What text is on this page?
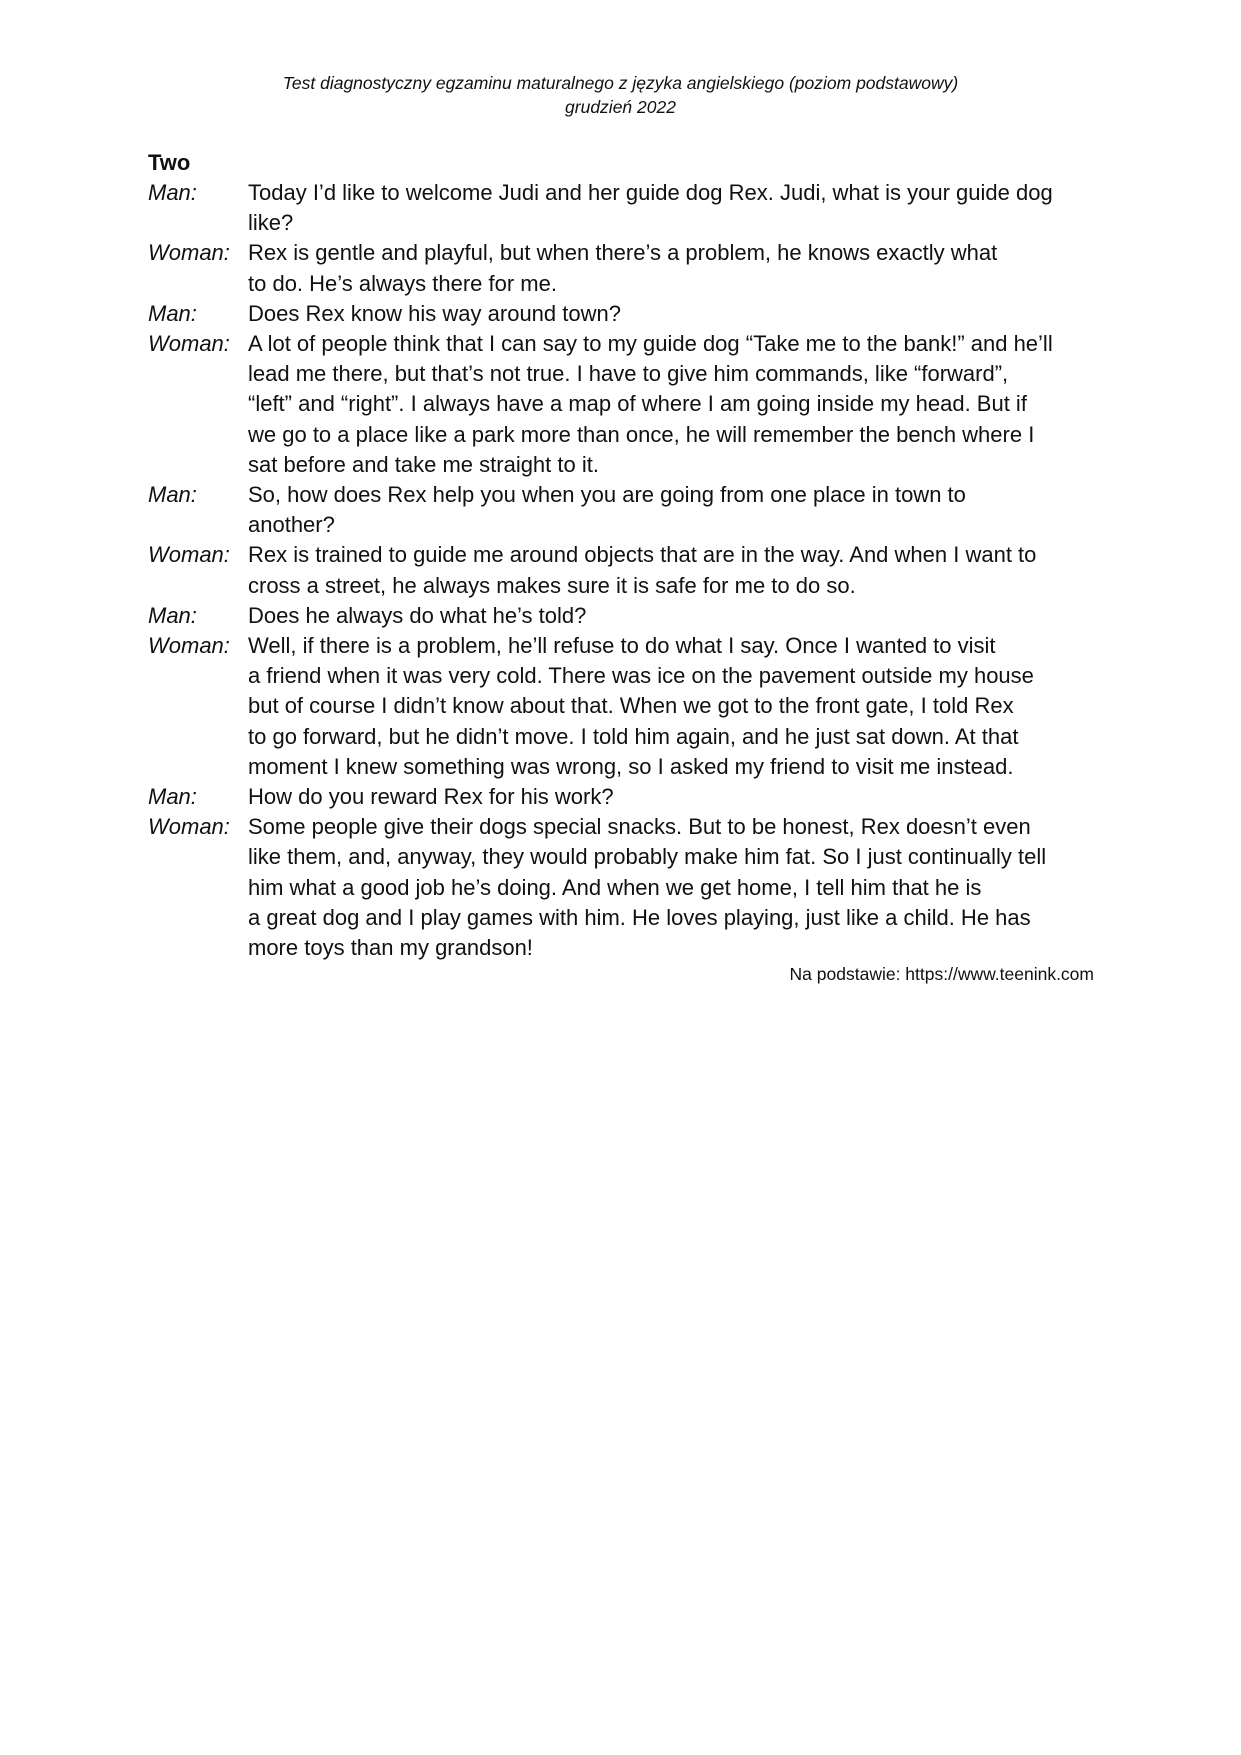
Test diagnostyczny egzaminu maturalnego z języka angielskiego (poziom podstawowy)
grudzień 2022
Two
Man:	Today I’d like to welcome Judi and her guide dog Rex. Judi, what is your guide dog
like?
Woman: Rex is gentle and playful, but when there’s a problem, he knows exactly what
to do. He’s always there for me.
Man:	Does Rex know his way around town?
Woman: A lot of people think that I can say to my guide dog “Take me to the bank!” and he’ll
lead me there, but that’s not true. I have to give him commands, like “forward”,
“left” and “right”. I always have a map of where I am going inside my head. But if
we go to a place like a park more than once, he will remember the bench where I
sat before and take me straight to it.
Man:	So, how does Rex help you when you are going from one place in town to
another?
Woman: Rex is trained to guide me around objects that are in the way. And when I want to
cross a street, he always makes sure it is safe for me to do so.
Man:	Does he always do what he’s told?
Woman: Well, if there is a problem, he’ll refuse to do what I say. Once I wanted to visit
a friend when it was very cold. There was ice on the pavement outside my house
but of course I didn’t know about that. When we got to the front gate, I told Rex
to go forward, but he didn’t move. I told him again, and he just sat down. At that
moment I knew something was wrong, so I asked my friend to visit me instead.
Man:	How do you reward Rex for his work?
Woman: Some people give their dogs special snacks. But to be honest, Rex doesn’t even
like them, and, anyway, they would probably make him fat. So I just continually tell
him what a good job he’s doing. And when we get home, I tell him that he is
a great dog and I play games with him. He loves playing, just like a child. He has
more toys than my grandson!
Na podstawie: https://www.teenink.com
